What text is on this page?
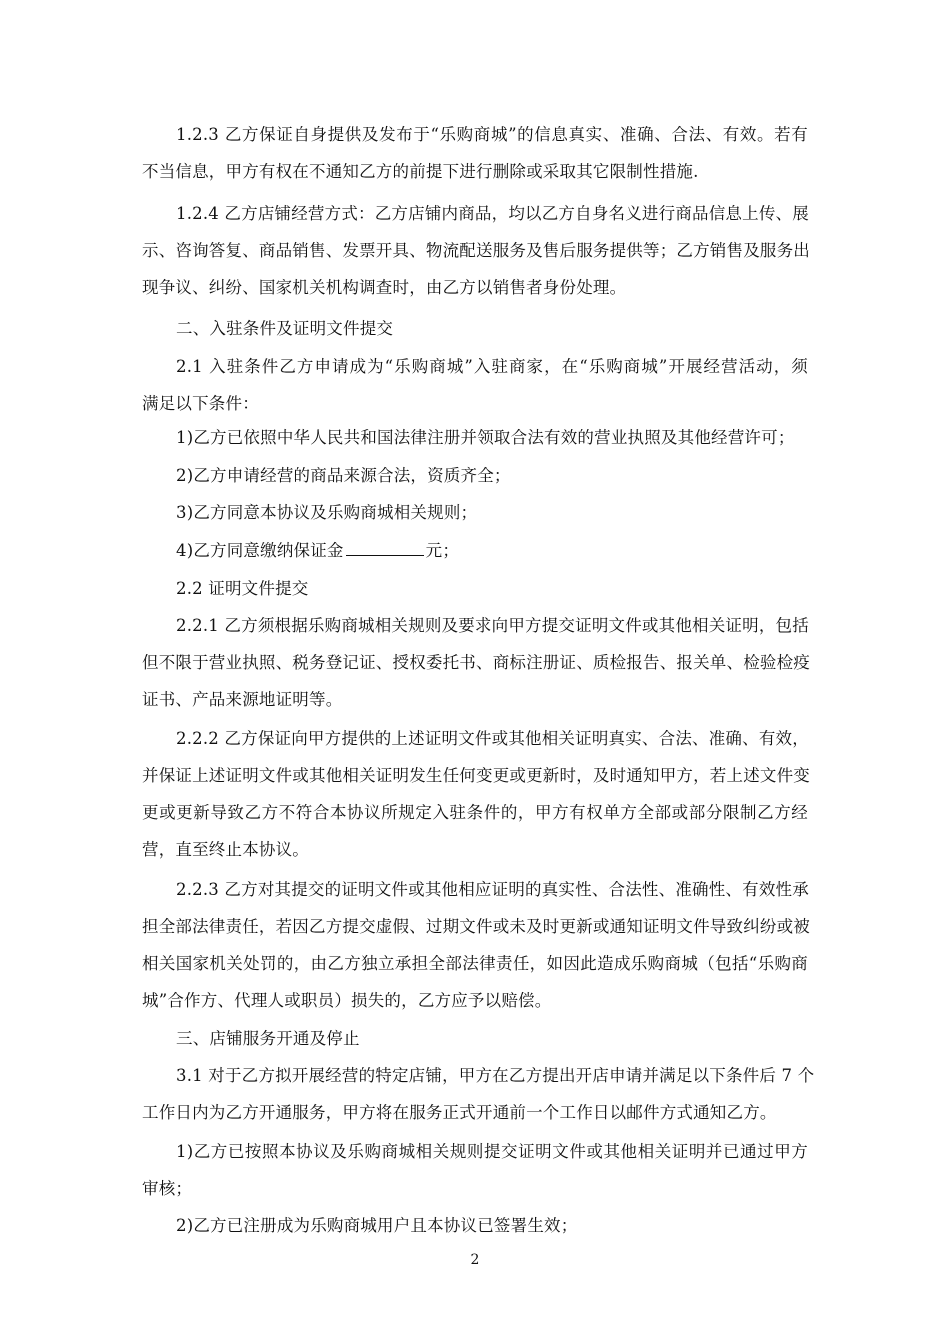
1.2.3 乙方保证自身提供及发布于“乐购商城”的信息真实、准确、合法、有效。若有
不当信息，甲方有权在不通知乙方的前提下进行删除或采取其它限制性措施.
1.2.4 乙方店铺经营方式：乙方店铺内商品，均以乙方自身名义进行商品信息上传、展
示、咨询答复、商品销售、发票开具、物流配送服务及售后服务提供等；乙方销售及服务出
现争议、纠纷、国家机关机构调查时，由乙方以销售者身份处理。
二、入驻条件及证明文件提交
2.1 入驻条件乙方申请成为“乐购商城”入驻商家，在“乐购商城”开展经营活动，须
满足以下条件：
1)乙方已依照中华人民共和国法律注册并领取合法有效的营业执照及其他经营许可；
2)乙方申请经营的商品来源合法，资质齐全；
3)乙方同意本协议及乐购商城相关规则；
4)乙方同意缴纳保证金	元；
2.2 证明文件提交
2.2.1 乙方须根据乐购商城相关规则及要求向甲方提交证明文件或其他相关证明，包括
但不限于营业执照、税务登记证、授权委托书、商标注册证、质检报告、报关单、检验检疫
证书、产品来源地证明等。
2.2.2 乙方保证向甲方提供的上述证明文件或其他相关证明真实、合法、准确、有效，
并保证上述证明文件或其他相关证明发生任何变更或更新时，及时通知甲方，若上述文件变
更或更新导致乙方不符合本协议所规定入驻条件的，甲方有权单方全部或部分限制乙方经
营，直至终止本协议。
2.2.3 乙方对其提交的证明文件或其他相应证明的真实性、合法性、准确性、有效性承
担全部法律责任，若因乙方提交虚假、过期文件或未及时更新或通知证明文件导致纠纷或被
相关国家机关处罚的，由乙方独立承担全部法律责任，如因此造成乐购商城（包括“乐购商
城”合作方、代理人或职员）损失的，乙方应予以赔偿。
三、店铺服务开通及停止
3.1 对于乙方拟开展经营的特定店铺，甲方在乙方提出开店申请并满足以下条件后 7 个
工作日内为乙方开通服务，甲方将在服务正式开通前一个工作日以邮件方式通知乙方。
1)乙方已按照本协议及乐购商城相关规则提交证明文件或其他相关证明并已通过甲方
审核；
2)乙方已注册成为乐购商城用户且本协议已签署生效；
2
